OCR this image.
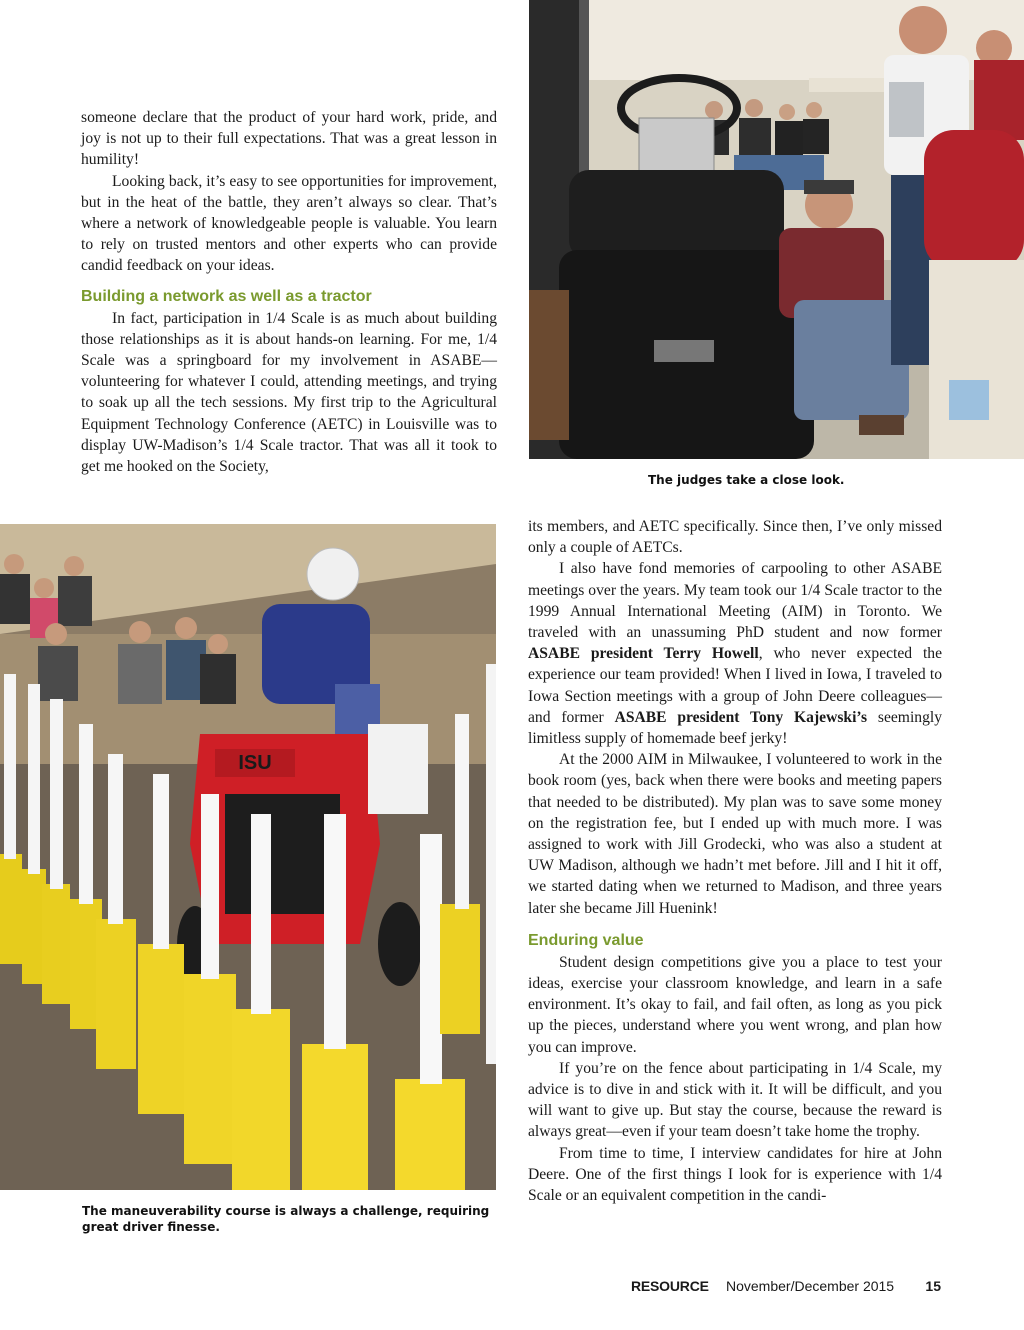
someone declare that the product of your hard work, pride, and joy is not up to their full expectations. That was a great lesson in humility!

Looking back, it’s easy to see opportunities for improvement, but in the heat of the battle, they aren’t always so clear. That’s where a network of knowledgeable people is valuable. You learn to rely on trusted mentors and other experts who can provide candid feedback on your ideas.

Building a network as well as a tractor

In fact, participation in 1/4 Scale is as much about building those relationships as it is about hands-on learning. For me, 1/4 Scale was a springboard for my involvement in ASABE—volunteering for whatever I could, attending meetings, and trying to soak up all the tech sessions. My first trip to the Agricultural Equipment Technology Conference (AETC) in Louisville was to display UW-Madison’s 1/4 Scale tractor. That was all it took to get me hooked on the Society,

The judges take a close look.
ISU
The maneuverability course is always a challenge, requiring great driver finesse.

its members, and AETC specifically. Since then, I’ve only missed only a couple of AETCs.

I also have fond memories of carpooling to other ASABE meetings over the years. My team took our 1/4 Scale tractor to the 1999 Annual International Meeting (AIM) in Toronto. We traveled with an unassuming PhD student and now former ASABE president Terry Howell, who never expected the experience our team provided! When I lived in Iowa, I traveled to Iowa Section meetings with a group of John Deere colleagues—and former ASABE president Tony Kajewski’s seemingly limitless supply of homemade beef jerky!

At the 2000 AIM in Milwaukee, I volunteered to work in the book room (yes, back when there were books and meeting papers that needed to be distributed). My plan was to save some money on the registration fee, but I ended up with much more. I was assigned to work with Jill Grodecki, who was also a student at UW Madison, although we hadn’t met before. Jill and I hit it off, we started dating when we returned to Madison, and three years later she became Jill Huenink!

Enduring value

Student design competitions give you a place to test your ideas, exercise your classroom knowledge, and learn in a safe environment. It’s okay to fail, and fail often, as long as you pick up the pieces, understand where you went wrong, and plan how you can improve.

If you’re on the fence about participating in 1/4 Scale, my advice is to dive in and stick with it. It will be difficult, and you will want to give up. But stay the course, because the reward is always great—even if your team doesn’t take home the trophy.

From time to time, I interview candidates for hire at John Deere. One of the first things I look for is experience with 1/4 Scale or an equivalent competition in the candi-

RESOURCE November/December 2015 15
